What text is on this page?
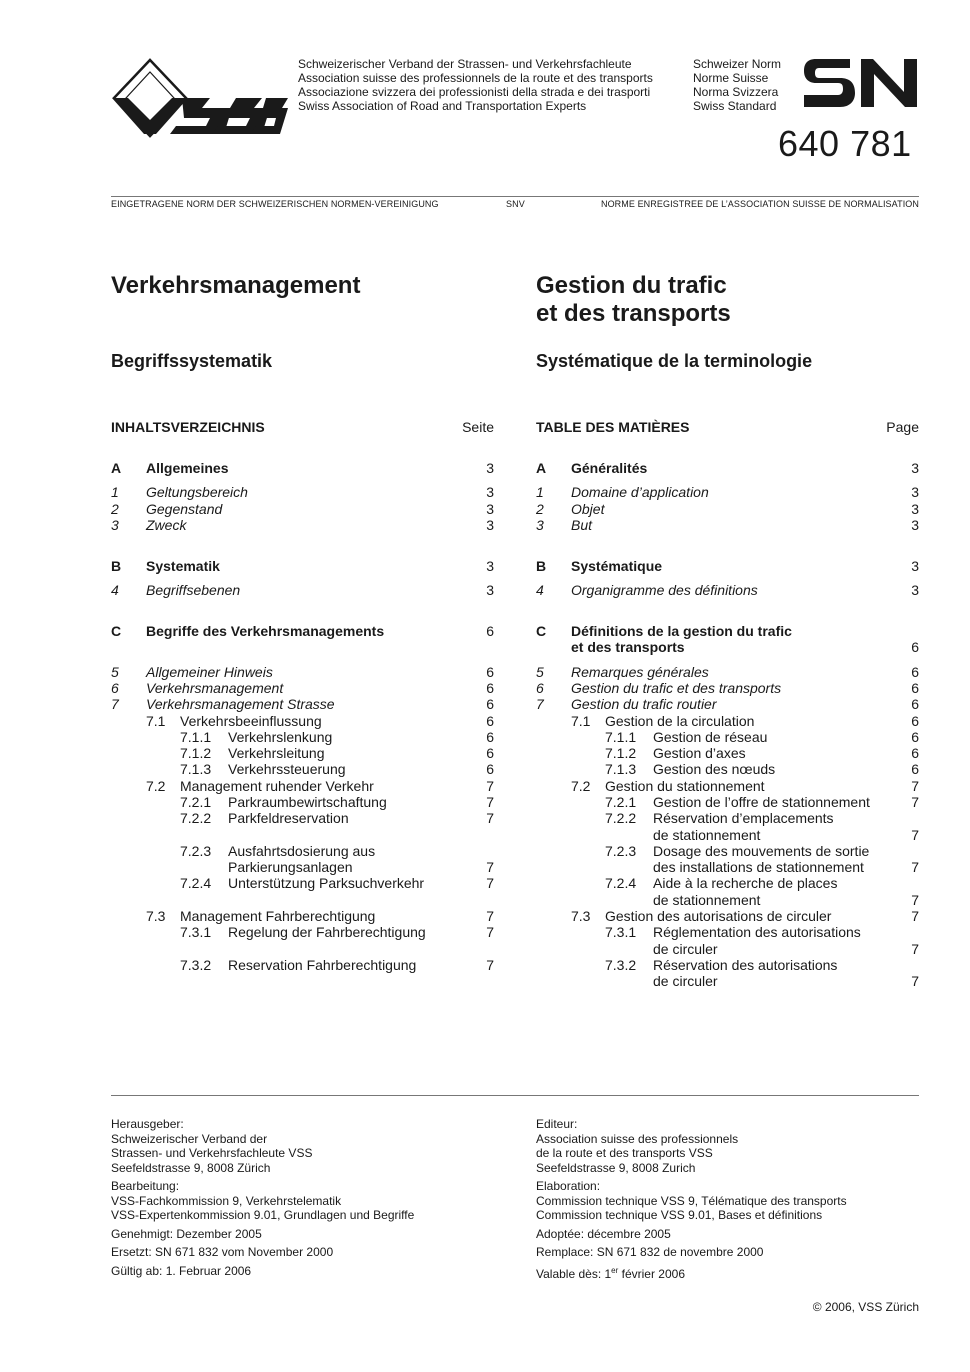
Schweizerischer Verband der Strassen- und Verkehrsfachleute
Association suisse des professionnels de la route et des transports
Associazione svizzera dei professionisti della strada e dei trasporti
Swiss Association of Road and Transportation Experts
Schweizer Norm
Norme Suisse
Norma Svizzera
Swiss Standard
640 781
EINGETRAGENE NORM DER SCHWEIZERISCHEN NORMEN-VEREINIGUNG	SNV	NORME ENREGISTREE DE L’ASSOCIATION SUISSE DE NORMALISATION
Verkehrsmanagement
Begriffssystematik
Gestion du trafic
et des transports
Systématique de la terminologie
INHALTSVERZEICHNIS	Seite	TABLE DES MATIÈRES	Page
A Allgemeines	3
1 Geltungsbereich	3
2 Gegenstand	3
3 Zweck	3
B Systematik	3
4 Begriffsebenen	3
C Begriffe des Verkehrsmanagements	6
5 Allgemeiner Hinweis	6
6 Verkehrsmanagement	6
7 Verkehrsmanagement Strasse	6
7.1 Verkehrsbeeinflussung	6
7.1.1 Verkehrslenkung	6
7.1.2 Verkehrsleitung	6
7.1.3 Verkehrssteuerung	6
7.2 Management ruhender Verkehr	7
7.2.1 Parkraumbewirtschaftung	7
7.2.2 Parkfeldreservation	7
7.2.3 Ausfahrtsdosierung aus
Parkierungsanlagen	7
7.2.4 Unterstützung Parksuchverkehr	7
7.3 Management Fahrberechtigung	7
7.3.1 Regelung der Fahrberechtigung	7
7.3.2 Reservation Fahrberechtigung	7
A Généralités	3
1 Domaine d’application	3
2 Objet	3
3 But	3
B Systématique	3
4 Organigramme des définitions	3
C Définitions de la gestion du trafic
et des transports	6
5 Remarques générales	6
6 Gestion du trafic et des transports	6
7 Gestion du trafic routier	6
7.1 Gestion de la circulation	6
7.1.1 Gestion de réseau	6
7.1.2 Gestion d’axes	6
7.1.3 Gestion des nœuds	6
7.2 Gestion du stationnement	7
7.2.1 Gestion de l’offre de stationnement	7
7.2.2 Réservation d’emplacements
de stationnement	7
7.2.3 Dosage des mouvements de sortie
des installations de stationnement	7
7.2.4 Aide à la recherche de places
de stationnement	7
7.3 Gestion des autorisations de circuler	7
7.3.1 Réglementation des autorisations
de circuler	7
7.3.2 Réservation des autorisations
de circuler	7

Herausgeber:
Schweizerischer Verband der
Strassen- und Verkehrsfachleute VSS
Seefeldstrasse 9, 8008 Zürich

Bearbeitung:
VSS-Fachkommission 9, Verkehrstelematik
VSS-Expertenkommission 9.01, Grundlagen und Begriffe

Genehmigt: Dezember 2005

Ersetzt: SN 671 832 vom November 2000

Gültig ab: 1. Februar 2006

Editeur:
Association suisse des professionnels
de la route et des transports VSS
Seefeldstrasse 9, 8008 Zurich

Elaboration:
Commission technique VSS 9, Télématique des transports
Commission technique VSS 9.01, Bases et définitions

Adoptée: décembre 2005

Remplace: SN 671 832 de novembre 2000

Valable dès: 1er février 2006

© 2006, VSS Zürich
